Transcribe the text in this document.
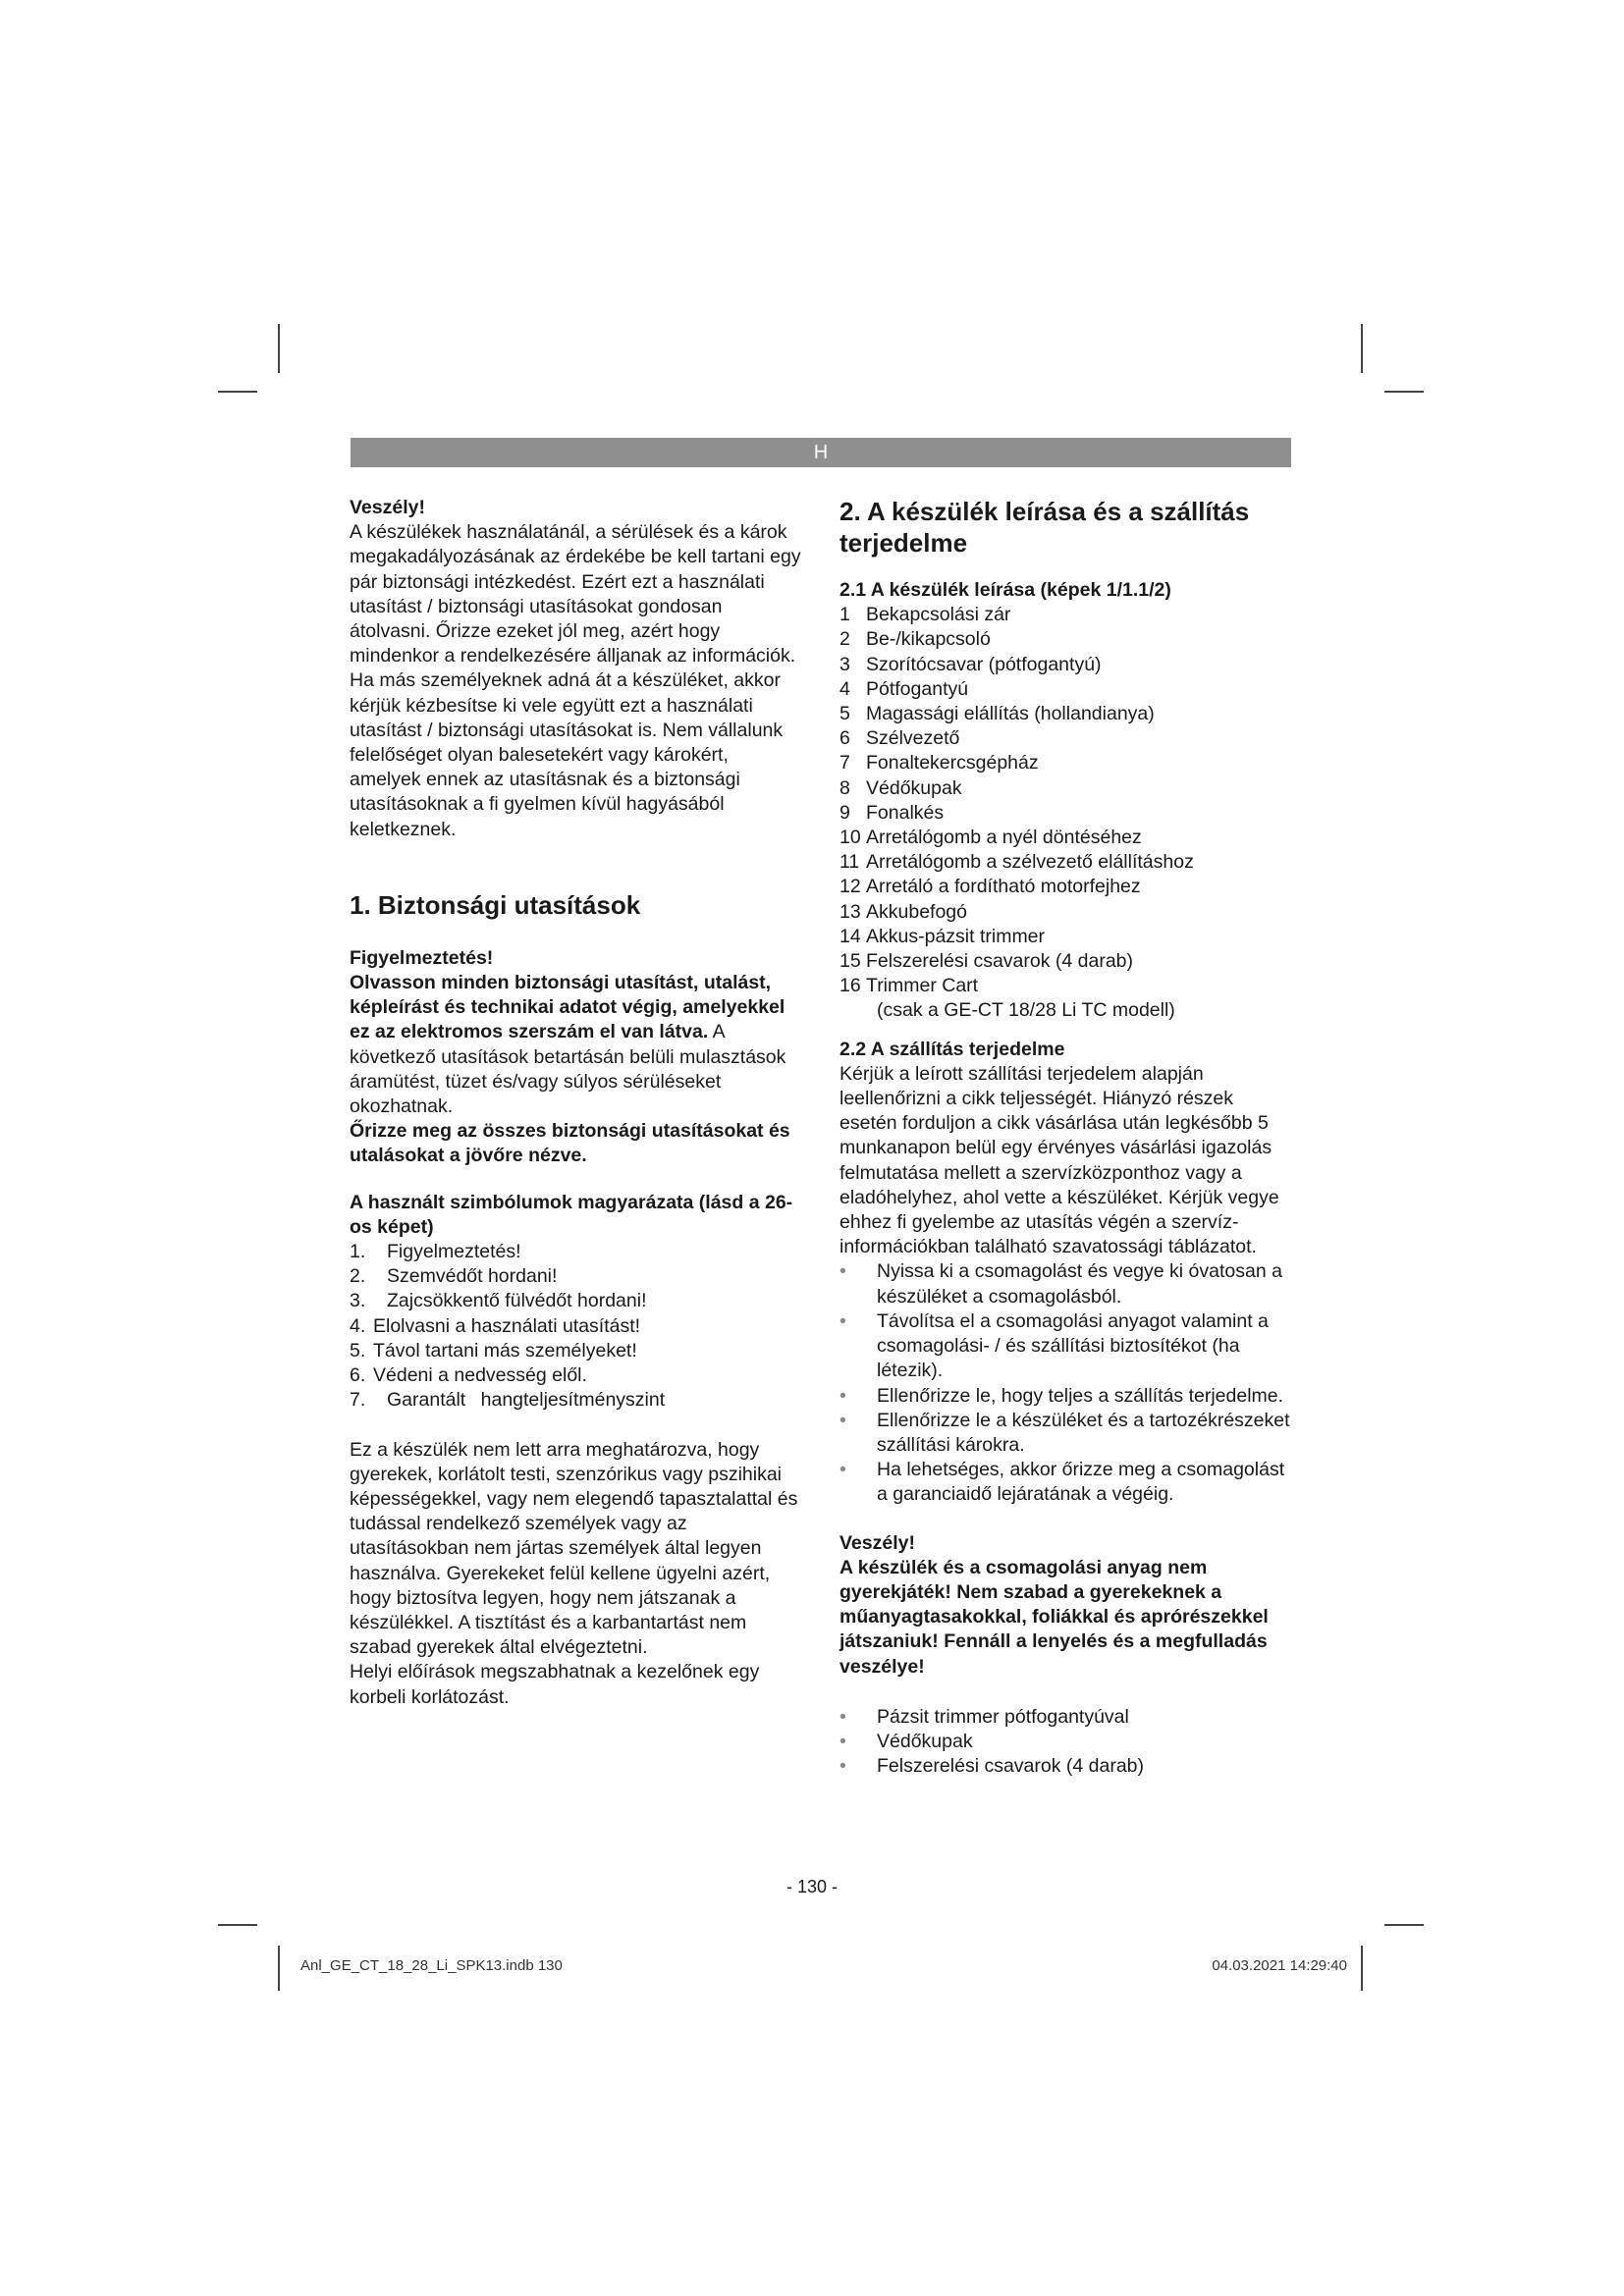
H

Veszély!

A készülékek használatánál, a sérülések és a károk megakadályozásának az érdekébe be kell tartani egy pár biztonsági intézkedést. Ezért ezt a használati utasítást / biztonsági utasításokat gondosan átolvasni. Őrizze ezeket jól meg, azért hogy mindenkor a rendelkezésére álljanak az információk. Ha más személyeknek adná át a készüléket, akkor kérjük kézbesítse ki vele együtt ezt a használati utasítást / biztonsági utasításokat is. Nem vállalunk felelőséget olyan balesetekért vagy károkért, amelyek ennek az utasításnak és a biztonsági utasításoknak a fi gyelmen kívül hagyásából keletkeznek.

1. Biztonsági utasítások

Figyelmeztetés!

Olvasson minden biztonsági utasítást, utalást, képleírást és technikai adatot végig, amelyekkel ez az elektromos szerszám el van látva. A következő utasítások betartásán belüli mulasztások áramütést, tüzet és/vagy súlyos sérüléseket okozhatnak.

Őrizze meg az összes biztonsági utasításokat és utalásokat a jövőre nézve.

A használt szimbólumok magyarázata (lásd a 26-os képet)

1.	Figyelmeztetés!
2.	Szemvédőt hordani!
3.	Zajcsökkentő fülvédőt hordani!
4. Elolvasni a használati utasítást!
5. Távol tartani más személyeket!
6. Védeni a nedvesség elől.
7.	Garantált hangteljesítményszint

Ez a készülék nem lett arra meghatározva, hogy gyerekek, korlátolt testi, szenzórikus vagy pszihikai képességekkel, vagy nem elegendő tapasztalattal és tudással rendelkező személyek vagy az utasításokban nem jártas személyek által legyen használva. Gyerekeket felül kellene ügyelni azért, hogy biztosítva legyen, hogy nem játszanak a készülékkel. A tisztítást és a karbantartást nem szabad gyerekek által elvégeztetni.

Helyi előírások megszabhatnak a kezelőnek egy korbeli korlátozást.

2. A készülék leírása és a szállítás terjedelme

2.1 A készülék leírása (képek 1/1.1/2)

1 Bekapcsolási zár
2 Be-/kikapcsoló
3 Szorítócsavar (pótfogantyú)
4 Pótfogantyú
5 Magassági elállítás (hollandianya)
6 Szélvezető
7 Fonaltekercsgépház
8 Védőkupak
9 Fonalkés
10 Arretálógomb a nyél döntéséhez
11 Arretálógomb a szélvezető elállításhoz
12 Arretáló a fordítható motorfejhez
13 Akkubefogó
14 Akkus-pázsit trimmer
15 Felszerelési csavarok (4 darab)
16 Trimmer Cart

(csak a GE-CT 18/28 Li TC modell)

2.2 A szállítás terjedelme

Kérjük a leírott szállítási terjedelem alapján leellenőrizni a cikk teljességét. Hiányzó részek esetén forduljon a cikk vásárlása után legkésőbb 5 munkanapon belül egy érvényes vásárlási igazolás felmutatása mellett a szervízközponthoz vagy a eladóhelyhez, ahol vette a készüléket. Kérjük vegye ehhez fi gyelembe az utasítás végén a szervíz-információkban található szavatossági táblázatot.

•	Nyissa ki a csomagolást és vegye ki óvatosan a készüléket a csomagolásból.
•	Távolítsa el a csomagolási anyagot valamint a csomagolási- / és szállítási biztosítékot (ha létezik).
•	Ellenőrizze le, hogy teljes a szállítás terjedelme.
•	Ellenőrizze le a készüléket és a tartozékrészeket szállítási károkra.
•	Ha lehetséges, akkor őrizze meg a csomagolást a garanciaidő lejáratának a végéig.

Veszély!

A készülék és a csomagolási anyag nem gyerekjáték! Nem szabad a gyerekeknek a műanyagtasakokkal, foliákkal és aprórészekkel játszaniuk! Fennáll a lenyelés és a megfulladás veszélye!

•	Pázsit trimmer pótfogantyúval
•	Védőkupak
•	Felszerelési csavarok (4 darab)
- 130 -
Anl_GE_CT_18_28_Li_SPK13.indb 130	04.03.2021 14:29:40
